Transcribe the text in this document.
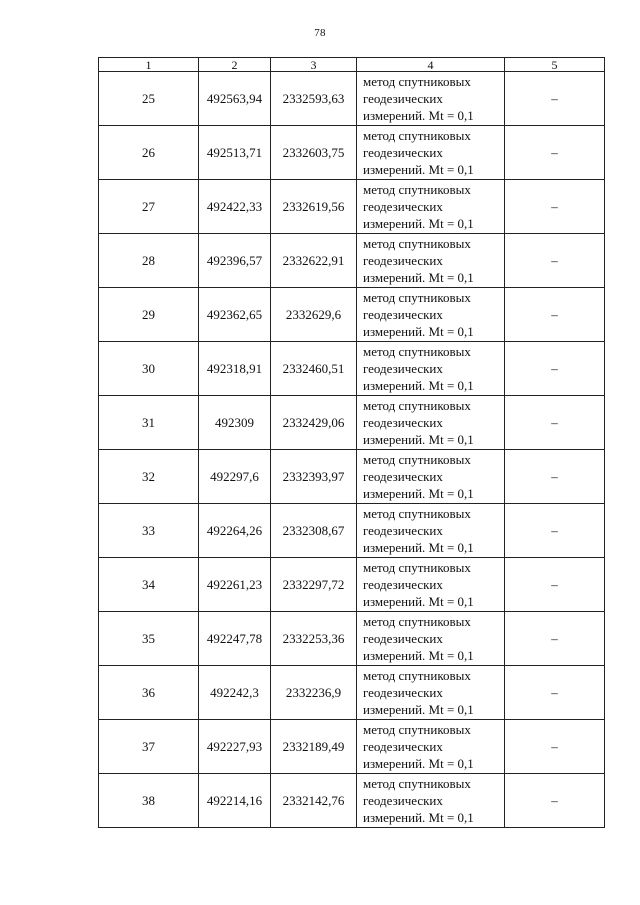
78
1	2	3	4	5
25	492563,94	2332593,63	метод спутниковых
геодезических
измерений. Mt = 0,1	–
26	492513,71	2332603,75	метод спутниковых
геодезических
измерений. Mt = 0,1	–
27	492422,33	2332619,56	метод спутниковых
геодезических
измерений. Mt = 0,1	–
28	492396,57	2332622,91	метод спутниковых
геодезических
измерений. Mt = 0,1	–
29	492362,65	2332629,6	метод спутниковых
геодезических
измерений. Mt = 0,1	–
30	492318,91	2332460,51	метод спутниковых
геодезических
измерений. Mt = 0,1	–
31	492309	2332429,06	метод спутниковых
геодезических
измерений. Mt = 0,1	–
32	492297,6	2332393,97	метод спутниковых
геодезических
измерений. Mt = 0,1	–
33	492264,26	2332308,67	метод спутниковых
геодезических
измерений. Mt = 0,1	–
34	492261,23	2332297,72	метод спутниковых
геодезических
измерений. Mt = 0,1	–
35	492247,78	2332253,36	метод спутниковых
геодезических
измерений. Mt = 0,1	–
36	492242,3	2332236,9	метод спутниковых
геодезических
измерений. Mt = 0,1	–
37	492227,93	2332189,49	метод спутниковых
геодезических
измерений. Mt = 0,1	–
38	492214,16	2332142,76	метод спутниковых
геодезических
измерений. Mt = 0,1	–
